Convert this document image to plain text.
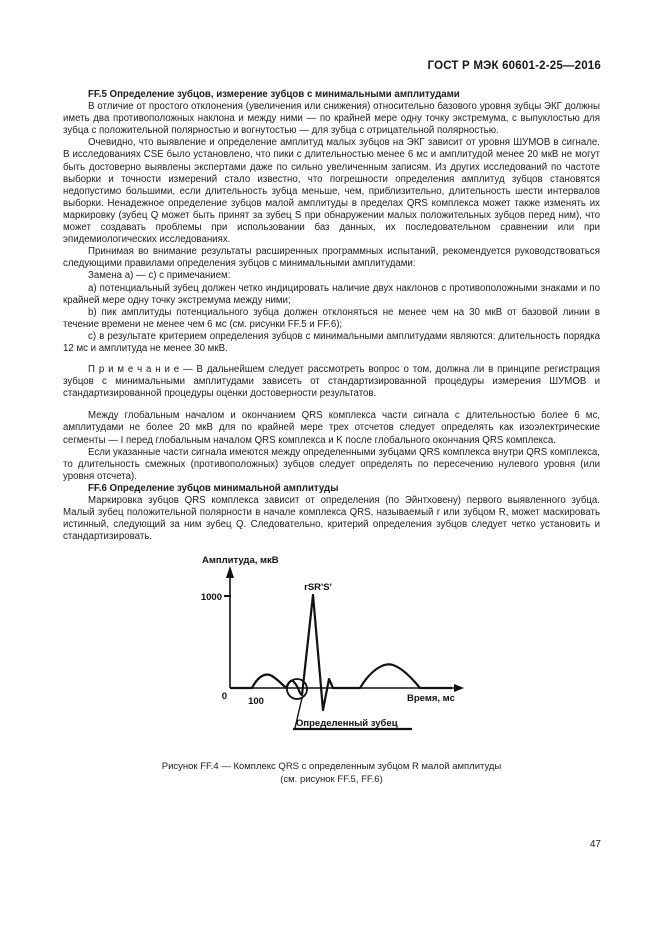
ГОСТ Р МЭК 60601-2-25—2016
FF.5 Определение зубцов, измерение зубцов с минимальными амплитудами

В отличие от простого отклонения (увеличения или снижения) относительно базового уровня зубцы ЭКГ должны иметь два противоположных наклона и между ними — по крайней мере одну точку экстремума, с выпуклостью для зубца с положительной полярностью и вогнутостью — для зубца с отрицательной полярностью.

Очевидно, что выявление и определение амплитуд малых зубцов на ЭКГ зависит от уровня ШУМОВ в сигнале. В исследованиях CSE было установлено, что пики с длительностью менее 6 мс и амплитудой менее 20 мкВ не могут быть достоверно выявлены экспертами даже по сильно увеличенным записям. Из других исследований по частоте выборки и точности измерений стало известно, что погрешности определения амплитуд зубцов становятся недопустимо большими, если длительность зубца меньше, чем, приблизительно, длительность шести интервалов выборки. Ненадежное определение зубцов малой амплитуды в пределах QRS комплекса может также изменять их маркировку (зубец Q может быть принят за зубец S при обнаружении малых положительных зубцов перед ним), что может создавать проблемы при использовании баз данных, их последовательном сравнении или при эпидемиологических исследованиях.

Принимая во внимание результаты расширенных программных испытаний, рекомендуется руководствоваться следующими правилами определения зубцов с минимальными амплитудами:

Замена a) — c) с примечанием:

a) потенциальный зубец должен четко индицировать наличие двух наклонов с противоположными знаками и по крайней мере одну точку экстремума между ними;

b) пик амплитуды потенциального зубца должен отклоняться не менее чем на 30 мкВ от базовой линии в течение времени не менее чем 6 мс (см. рисунки FF.5 и FF.6);

c) в результате критерием определения зубцов с минимальными амплитудами являются: длительность порядка 12 мс и амплитуда не менее 30 мкВ.

П р и м е ч а н и е — В дальнейшем следует рассмотреть вопрос о том, должна ли в принципе регистрация зубцов с минимальными амплитудами зависеть от стандартизированной процедуры измерения ШУМОВ и стандартизированной процедуры оценки достоверности результатов.

Между глобальным началом и окончанием QRS комплекса части сигнала с длительностью более 6 мс, амплитудами не более 20 мкВ для по крайней мере трех отсчетов следует определять как изоэлектрические сегменты — I перед глобальным началом QRS комплекса и K после глобального окончания QRS комплекса.

Если указанные части сигнала имеются между определенными зубцами QRS комплекса внутри QRS комплекса, то длительность смежных (противоположных) зубцов следует определять по пересечению нулевого уровня (или уровня отсчета).

FF.6 Определение зубцов минимальной амплитуды

Маркировка зубцов QRS комплекса зависит от определения (по Эйнтховену) первого выявленного зубца. Малый зубец положительной полярности в начале комплекса QRS, называемый r или зубцом R, может маскировать истинный, следующий за ним зубец Q. Следовательно, критерий определения зубцов следует четко установить и стандартизировать.

Амплитуда, мкВ
1000
Время, мс
0 100
rSR'S'
Определенный зубец

Рисунок FF.4 — Комплекс QRS с определенным зубцом R малой амплитуды

(см. рисунок FF.5, FF.6)

47
